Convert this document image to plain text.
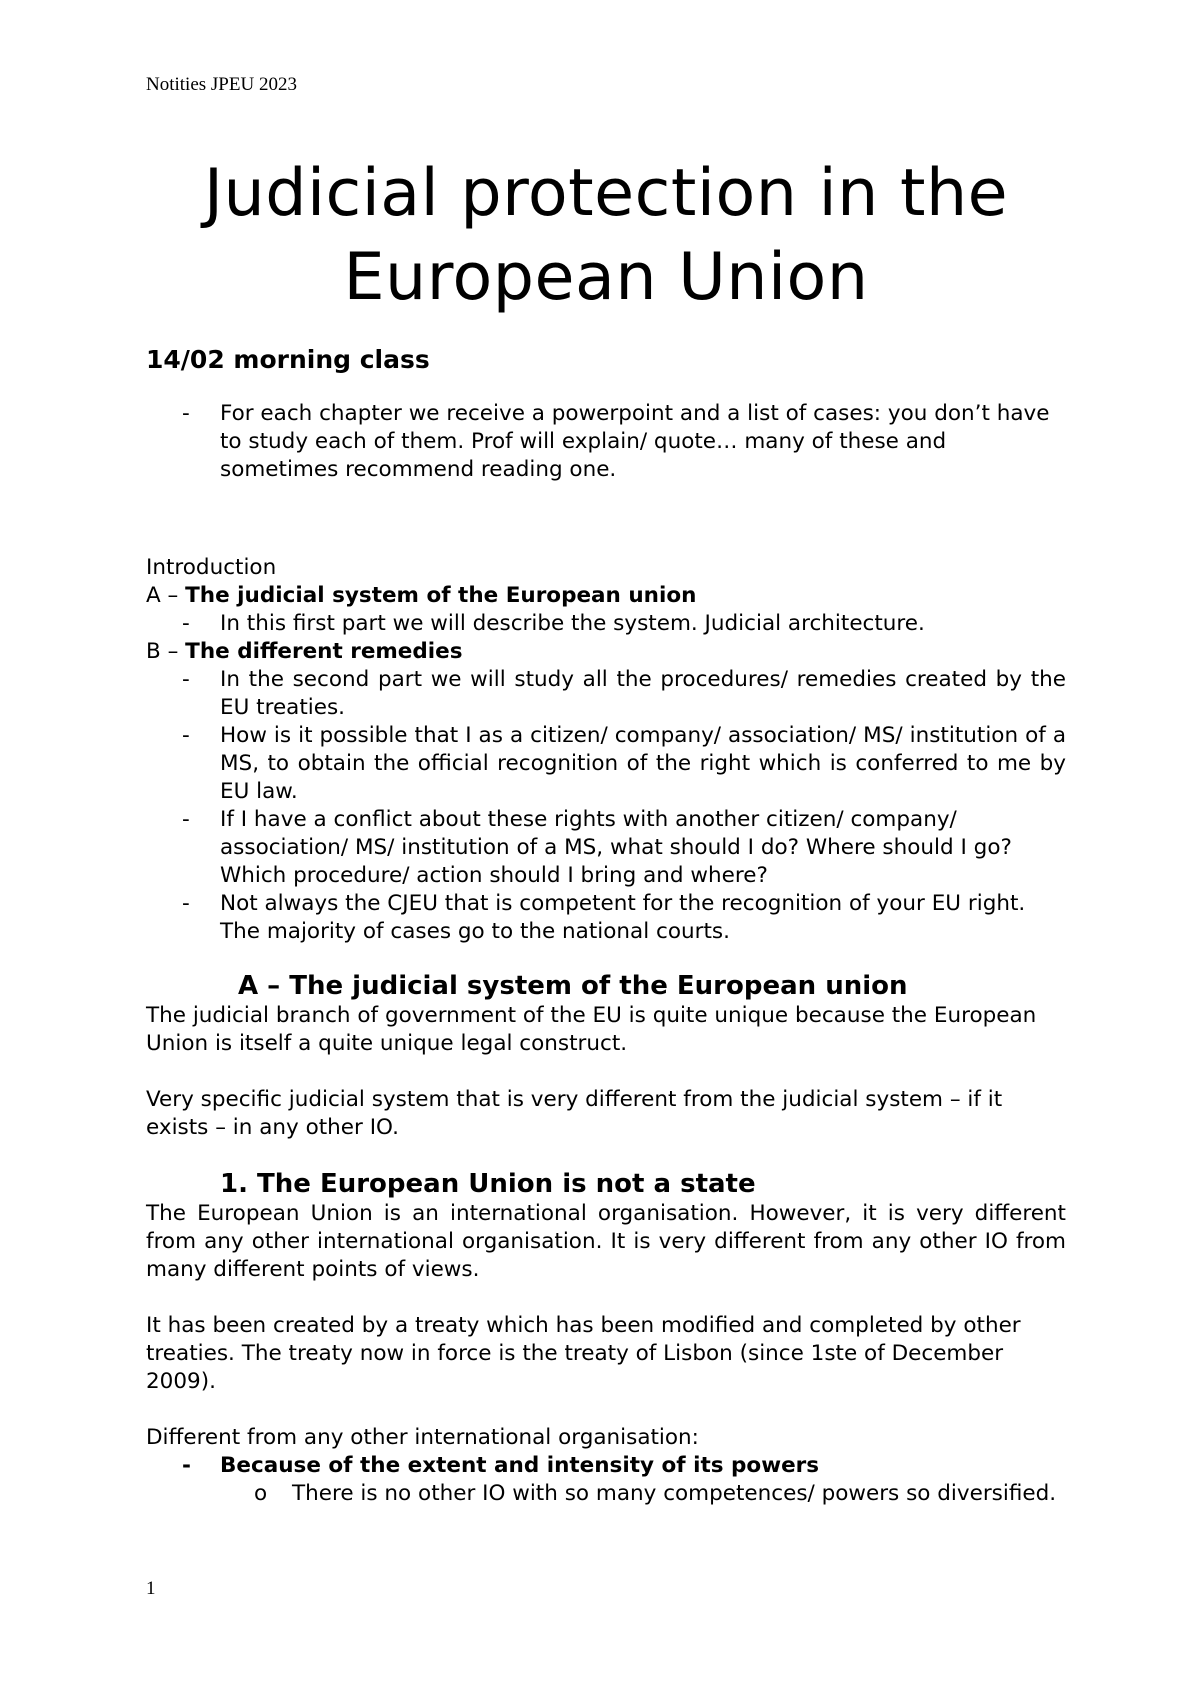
Notities JPEU 2023
Judicial protection in the European Union
14/02 morning class
- For each chapter we receive a powerpoint and a list of cases: you don’t have to study each of them. Prof will explain/ quote… many of these and sometimes recommend reading one.

Introduction

A – The judicial system of the European union

- In this first part we will describe the system. Judicial architecture.

B – The different remedies

- In the second part we will study all the procedures/ remedies created by the EU treaties.
- How is it possible that I as a citizen/ company/ association/ MS/ institution of a MS, to obtain the official recognition of the right which is conferred to me by EU law.
- If I have a conflict about these rights with another citizen/ company/ association/ MS/ institution of a MS, what should I do? Where should I go? Which procedure/ action should I bring and where?
- Not always the CJEU that is competent for the recognition of your EU right. The majority of cases go to the national courts.
A – The judicial system of the European union

The judicial branch of government of the EU is quite unique because the European Union is itself a quite unique legal construct.

Very specific judicial system that is very different from the judicial system – if it exists – in any other IO.

1. The European Union is not a state

The European Union is an international organisation. However, it is very different from any other international organisation. It is very different from any other IO from many different points of views.

It has been created by a treaty which has been modified and completed by other treaties. The treaty now in force is the treaty of Lisbon (since 1ste of December 2009).

Different from any other international organisation:

- Because of the extent and intensity of its powers
o There is no other IO with so many competences/ powers so diversified.
1
